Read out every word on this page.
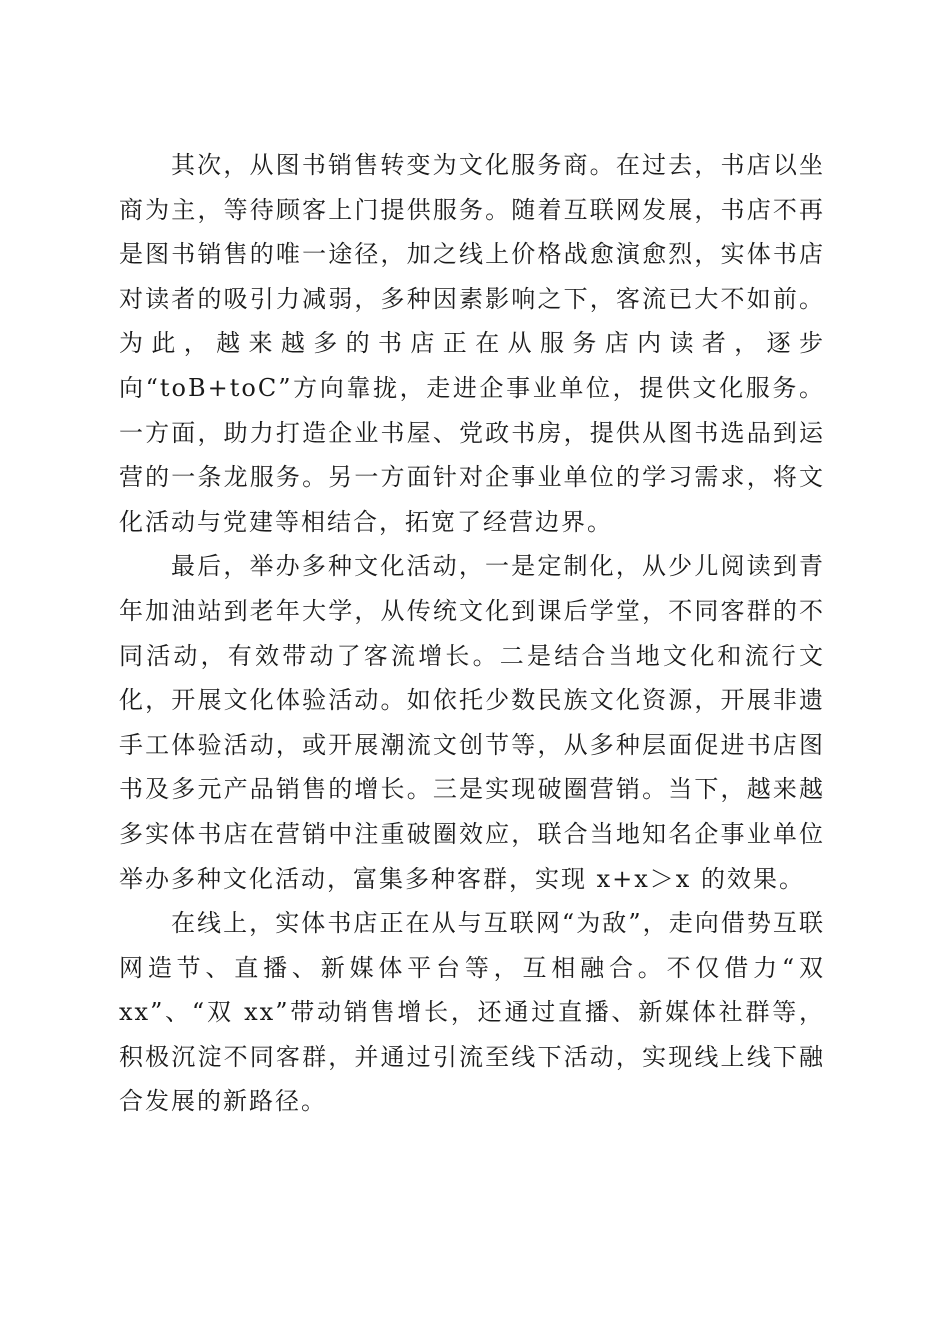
其次，从图书销售转变为文化服务商。在过去，书店以坐商为主，等待顾客上门提供服务。随着互联网发展，书店不再是图书销售的唯一途径，加之线上价格战愈演愈烈，实体书店对读者的吸引力减弱，多种因素影响之下，客流已大不如前。为此，越来越多的书店正在从服务店内读者，逐步向“toB+toC”方向靠拢，走进企事业单位，提供文化服务。一方面，助力打造企业书屋、党政书房，提供从图书选品到运营的一条龙服务。另一方面针对企事业单位的学习需求，将文化活动与党建等相结合，拓宽了经营边界。

最后，举办多种文化活动，一是定制化，从少儿阅读到青年加油站到老年大学，从传统文化到课后学堂，不同客群的不同活动，有效带动了客流增长。二是结合当地文化和流行文化，开展文化体验活动。如依托少数民族文化资源，开展非遗手工体验活动，或开展潮流文创节等，从多种层面促进书店图书及多元产品销售的增长。三是实现破圈营销。当下，越来越多实体书店在营销中注重破圈效应，联合当地知名企事业单位举办多种文化活动，富集多种客群，实现 x+x＞x 的效果。

在线上，实体书店正在从与互联网“为敌”，走向借势互联网造节、直播、新媒体平台等，互相融合。不仅借力“双xx”、“双 xx”带动销售增长，还通过直播、新媒体社群等，积极沉淀不同客群，并通过引流至线下活动，实现线上线下融合发展的新路径。
